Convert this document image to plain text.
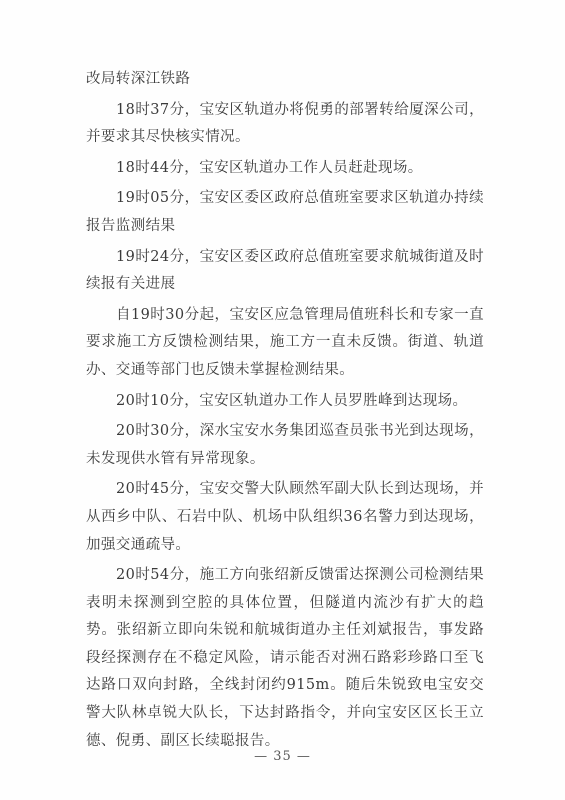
改局转深江铁路

18时37分，宝安区轨道办将倪勇的部署转给厦深公司，并要求其尽快核实情况。

18时44分，宝安区轨道办工作人员赶赴现场。

19时05分，宝安区委区政府总值班室要求区轨道办持续报告监测结果

19时24分，宝安区委区政府总值班室要求航城街道及时续报有关进展

自19时30分起，宝安区应急管理局值班科长和专家一直要求施工方反馈检测结果，施工方一直未反馈。街道、轨道办、交通等部门也反馈未掌握检测结果。

20时10分，宝安区轨道办工作人员罗胜峰到达现场。

20时30分，深水宝安水务集团巡查员张书光到达现场，未发现供水管有异常现象。

20时45分，宝安交警大队顾然军副大队长到达现场，并从西乡中队、石岩中队、机场中队组织36名警力到达现场，加强交通疏导。

20时54分，施工方向张绍新反馈雷达探测公司检测结果表明未探测到空腔的具体位置，但隧道内流沙有扩大的趋势。张绍新立即向朱锐和航城街道办主任刘斌报告，事发路段经探测存在不稳定风险，请示能否对洲石路彩珍路口至飞达路口双向封路，全线封闭约915m。随后朱锐致电宝安交警大队林卓锐大队长，下达封路指令，并向宝安区区长王立德、倪勇、副区长续聪报告。

— 35 —
